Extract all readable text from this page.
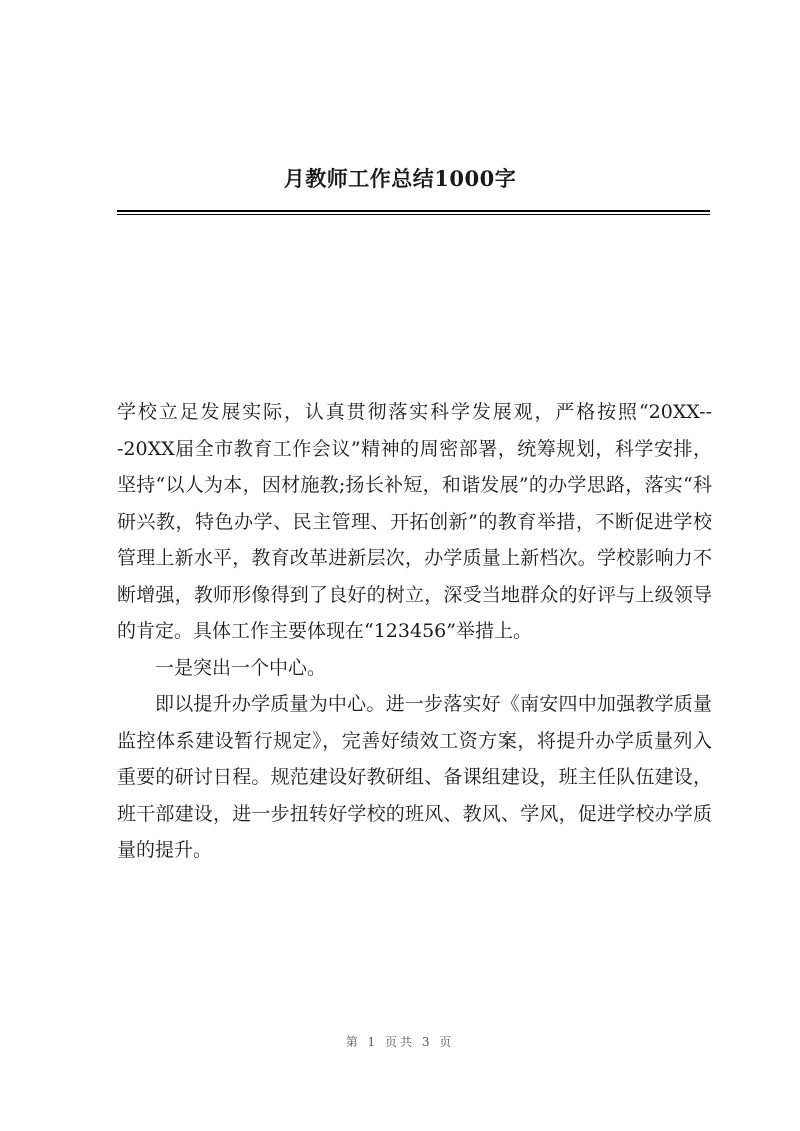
月教师工作总结1000字

学校立足发展实际，认真贯彻落实科学发展观，严格按照“20XX---20XX届全市教育工作会议”精神的周密部署，统筹规划，科学安排，坚持“以人为本，因材施教;扬长补短，和谐发展”的办学思路，落实“科研兴教，特色办学、民主管理、开拓创新”的教育举措，不断促进学校管理上新水平，教育改革进新层次，办学质量上新档次。学校影响力不断增强，教师形像得到了良好的树立，深受当地群众的好评与上级领导的肯定。具体工作主要体现在“123456”举措上。

一是突出一个中心。

即以提升办学质量为中心。进一步落实好《南安四中加强教学质量监控体系建设暂行规定》，完善好绩效工资方案，将提升办学质量列入重要的研讨日程。规范建设好教研组、备课组建设，班主任队伍建设，班干部建设，进一步扭转好学校的班风、教风、学风，促进学校办学质量的提升。

第 1 页共 3 页
